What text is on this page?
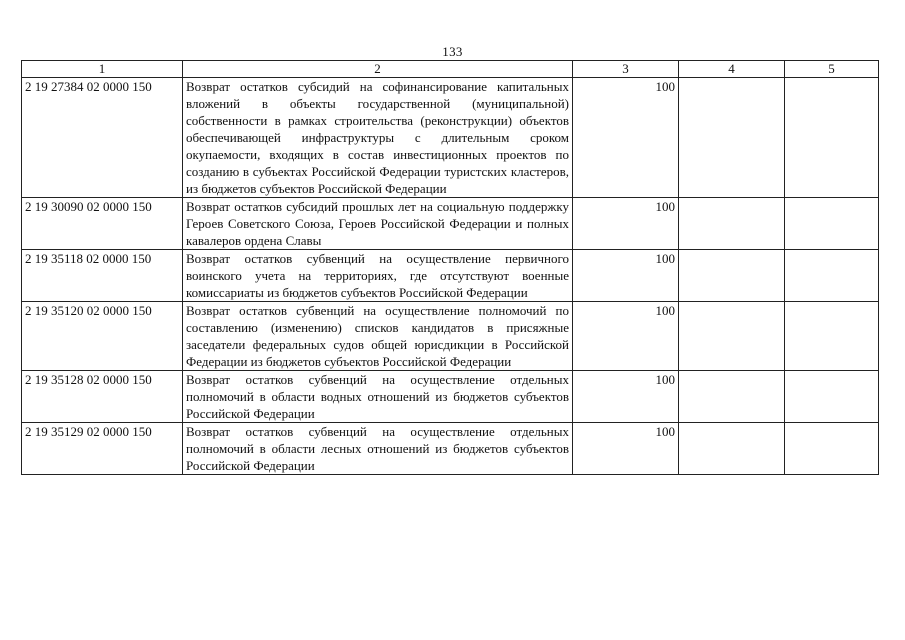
133
1	2	3	4	5
2 19 27384 02 0000 150	Возврат остатков субсидий на софинансирование капитальных вложений в объекты государственной (муниципальной) собственности в рамках строительства (реконструкции) объектов обеспечивающей инфраструктуры с длительным сроком окупаемости, входящих в состав инвестиционных проектов по созданию в субъектах Российской Федерации туристских кластеров, из бюджетов субъектов Российской Федерации	100		
2 19 30090 02 0000 150	Возврат остатков субсидий прошлых лет на социальную поддержку Героев Советского Союза, Героев Российской Федерации и полных кавалеров ордена Славы	100		
2 19 35118 02 0000 150	Возврат остатков субвенций на осуществление первичного воинского учета на территориях, где отсутствуют военные комиссариаты из бюджетов субъектов Российской Федерации	100		
2 19 35120 02 0000 150	Возврат остатков субвенций на осуществление полномочий по составлению (изменению) списков кандидатов в присяжные заседатели федеральных судов общей юрисдикции в Российской Федерации из бюджетов субъектов Российской Федерации	100		
2 19 35128 02 0000 150	Возврат остатков субвенций на осуществление отдельных полномочий в области водных отношений из бюджетов субъектов Российской Федерации	100		
2 19 35129 02 0000 150	Возврат остатков субвенций на осуществление отдельных полномочий в области лесных отношений из бюджетов субъектов Российской Федерации	100		
